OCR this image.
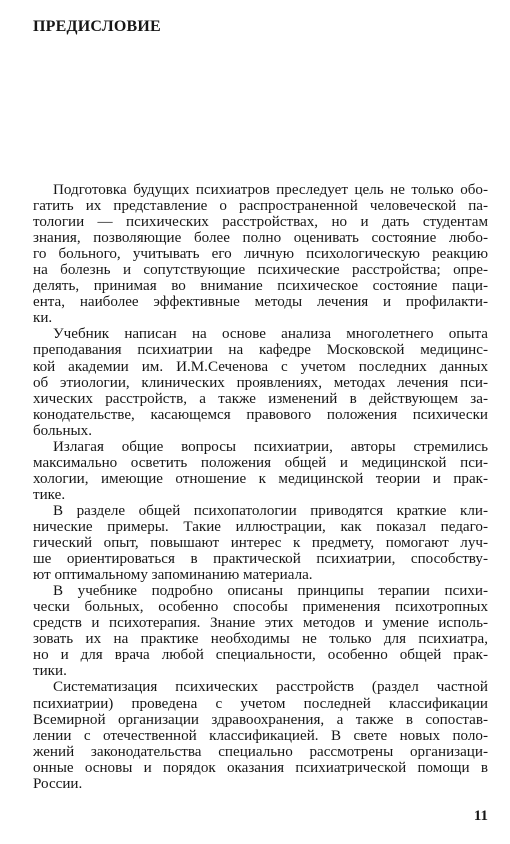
ПРЕДИСЛОВИЕ
Подготовка будущих психиатров преследует цель не только обо-
гатить их представление о распространенной человеческой па-
тологии — психических расстройствах, но и дать студентам
знания, позволяющие более полно оценивать состояние любо-
го больного, учитывать его личную психологическую реакцию
на болезнь и сопутствующие психические расстройства; опре-
делять, принимая во внимание психическое состояние паци-
ента, наиболее эффективные методы лечения и профилакти-
ки.
Учебник написан на основе анализа многолетнего опыта
преподавания психиатрии на кафедре Московской медицинс-
кой академии им. И.М.Сеченова с учетом последних данных
об этиологии, клинических проявлениях, методах лечения пси-
хических расстройств, а также изменений в действующем за-
конодательстве, касающемся правового положения психически
больных.
Излагая общие вопросы психиатрии, авторы стремились
максимально осветить положения общей и медицинской пси-
хологии, имеющие отношение к медицинской теории и прак-
тике.
В разделе общей психопатологии приводятся краткие кли-
нические примеры. Такие иллюстрации, как показал педаго-
гический опыт, повышают интерес к предмету, помогают луч-
ше ориентироваться в практической психиатрии, способству-
ют оптимальному запоминанию материала.
В учебнике подробно описаны принципы терапии психи-
чески больных, особенно способы применения психотропных
средств и психотерапия. Знание этих методов и умение исполь-
зовать их на практике необходимы не только для психиатра,
но и для врача любой специальности, особенно общей прак-
тики.
Систематизация психических расстройств (раздел частной
психиатрии) проведена с учетом последней классификации
Всемирной организации здравоохранения, а также в сопостав-
лении с отечественной классификацией. В свете новых поло-
жений законодательства специально рассмотрены организаци-
онные основы и порядок оказания психиатрической помощи в
России.

11
